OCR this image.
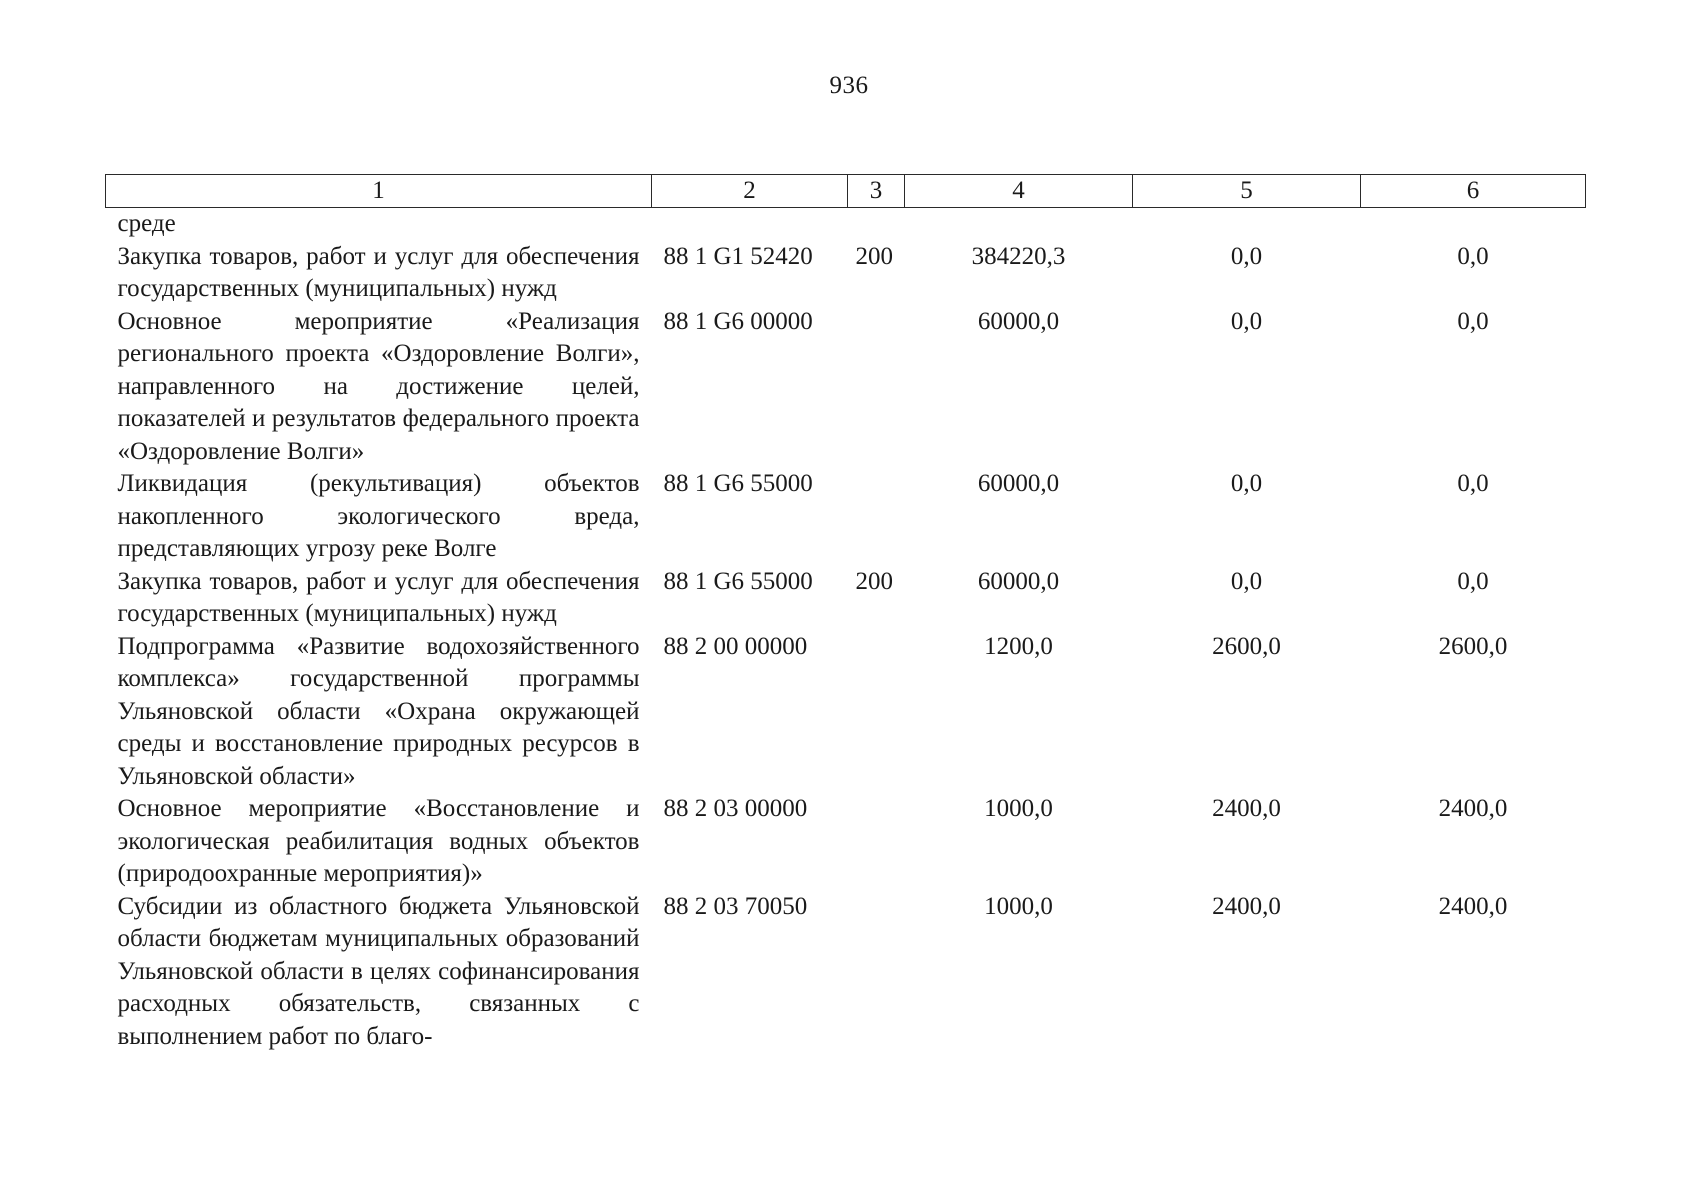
936
1	2	3	4	5	6
среде					
Закупка товаров, работ и услуг для обеспечения государственных (муниципальных) нужд	88 1 G1 52420	200	384220,3	0,0	0,0
Основное мероприятие «Реализация регионального проекта «Оздоровление Волги», направленного на достижение целей, показателей и результатов федерального проекта «Оздоровление Волги»	88 1 G6 00000		60000,0	0,0	0,0
Ликвидация (рекультивация) объектов накопленного экологического вреда, представляющих угрозу реке Волге	88 1 G6 55000		60000,0	0,0	0,0
Закупка товаров, работ и услуг для обеспечения государственных (муниципальных) нужд	88 1 G6 55000	200	60000,0	0,0	0,0
Подпрограмма «Развитие водохозяйственного комплекса» государственной программы Ульяновской области «Охрана окружающей среды и восстановление природных ресурсов в Ульяновской области»	88 2 00 00000		1200,0	2600,0	2600,0
Основное мероприятие «Восстановление и экологическая реабилитация водных объектов (природоохранные мероприятия)»	88 2 03 00000		1000,0	2400,0	2400,0
Субсидии из областного бюджета Ульяновской области бюджетам муниципальных образований Ульяновской области в целях софинансирования расходных обязательств, связанных с выполнением работ по благо-	88 2 03 70050		1000,0	2400,0	2400,0
